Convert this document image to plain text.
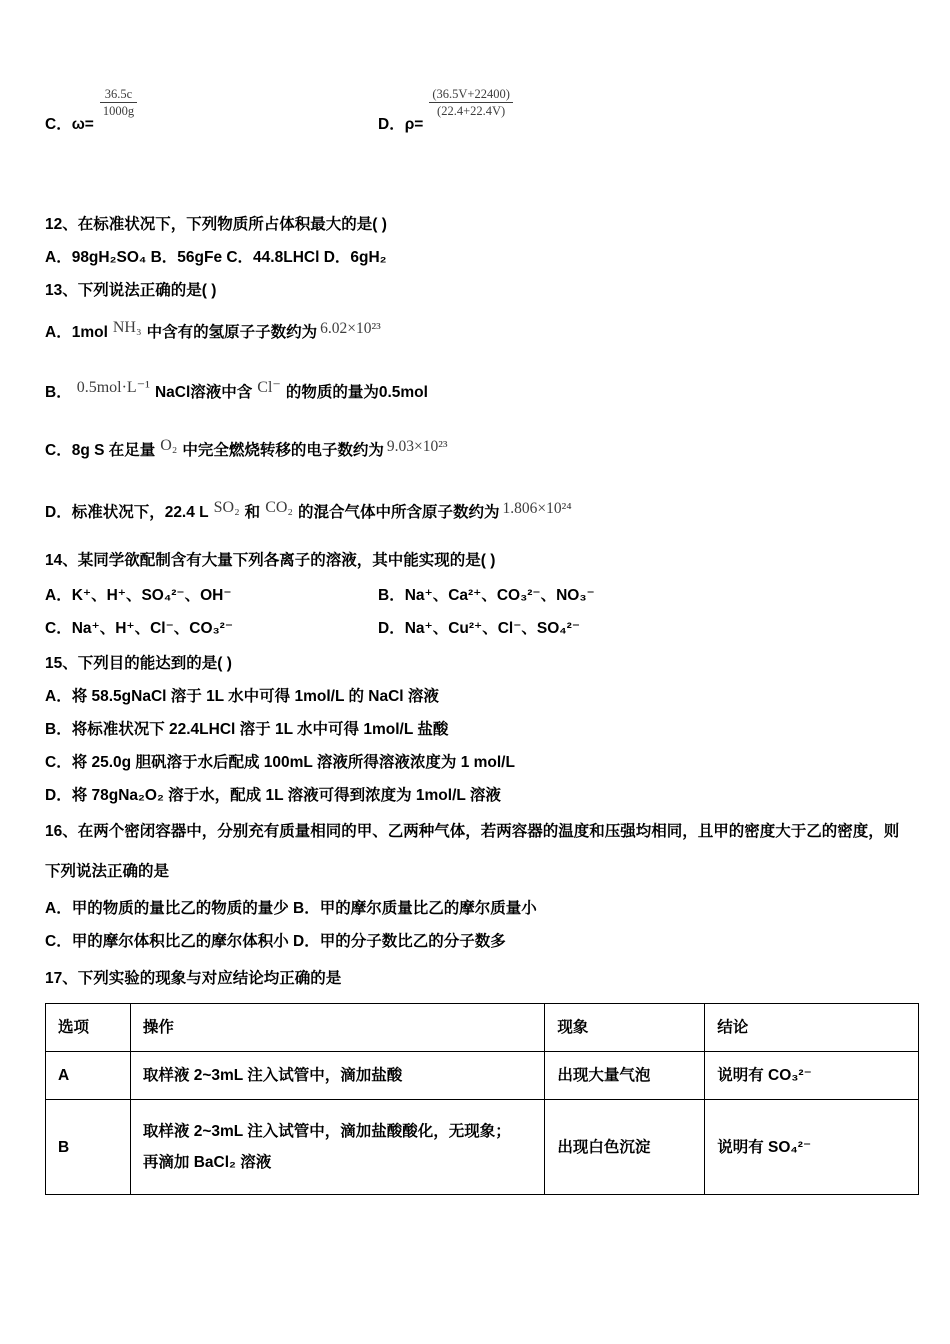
C．ω=
$\frac{36.5c}{1000g}$
D．ρ=
$\frac{(36.5V+22400)}{(22.4+22.4V)}$

12、在标准状况下，下列物质所占体积最大的是( )

A．98gH₂SO₄ B．56gFe C．44.8LHCl D．6gH₂

13、下列说法正确的是( )

A．1mol NH₃ 中含有的氢原子子数约为 6.02×10²³

B． 0.5mol·L⁻¹ NaCl溶液中含 Cl⁻ 的物质的量为0.5mol

C．8g S 在足量 O₂ 中完全燃烧转移的电子数约为 9.03×10²³

D．标准状况下，22.4 L SO₂ 和 CO₂ 的混合气体中所含原子数约为 1.806×10²⁴

14、某同学欲配制含有大量下列各离子的溶液，其中能实现的是( )

A．K⁺、H⁺、SO₄²⁻、OH⁻	B．Na⁺、Ca²⁺、CO₃²⁻、NO₃⁻

C．Na⁺、H⁺、Cl⁻、CO₃²⁻	D．Na⁺、Cu²⁺、Cl⁻、SO₄²⁻

15、下列目的能达到的是( )

A．将 58.5gNaCl 溶于 1L 水中可得 1mol/L 的 NaCl 溶液

B．将标准状况下 22.4LHCl 溶于 1L 水中可得 1mol/L 盐酸

C．将 25.0g 胆矾溶于水后配成 100mL 溶液所得溶液浓度为 1 mol/L

D．将 78gNa₂O₂ 溶于水，配成 1L 溶液可得到浓度为 1mol/L 溶液

16、在两个密闭容器中，分别充有质量相同的甲、乙两种气体，若两容器的温度和压强均相同，且甲的密度大于乙的密度，则下列说法正确的是

A．甲的物质的量比乙的物质的量少 B．甲的摩尔质量比乙的摩尔质量小

C．甲的摩尔体积比乙的摩尔体积小 D．甲的分子数比乙的分子数多

17、下列实验的现象与对应结论均正确的是

选项	操作	现象	结论
A	取样液 2~3mL 注入试管中，滴加盐酸	出现大量气泡	说明有 CO₃²⁻
B	取样液 2~3mL 注入试管中，滴加盐酸酸化，无现象；
再滴加 BaCl₂ 溶液	出现白色沉淀	说明有 SO₄²⁻
